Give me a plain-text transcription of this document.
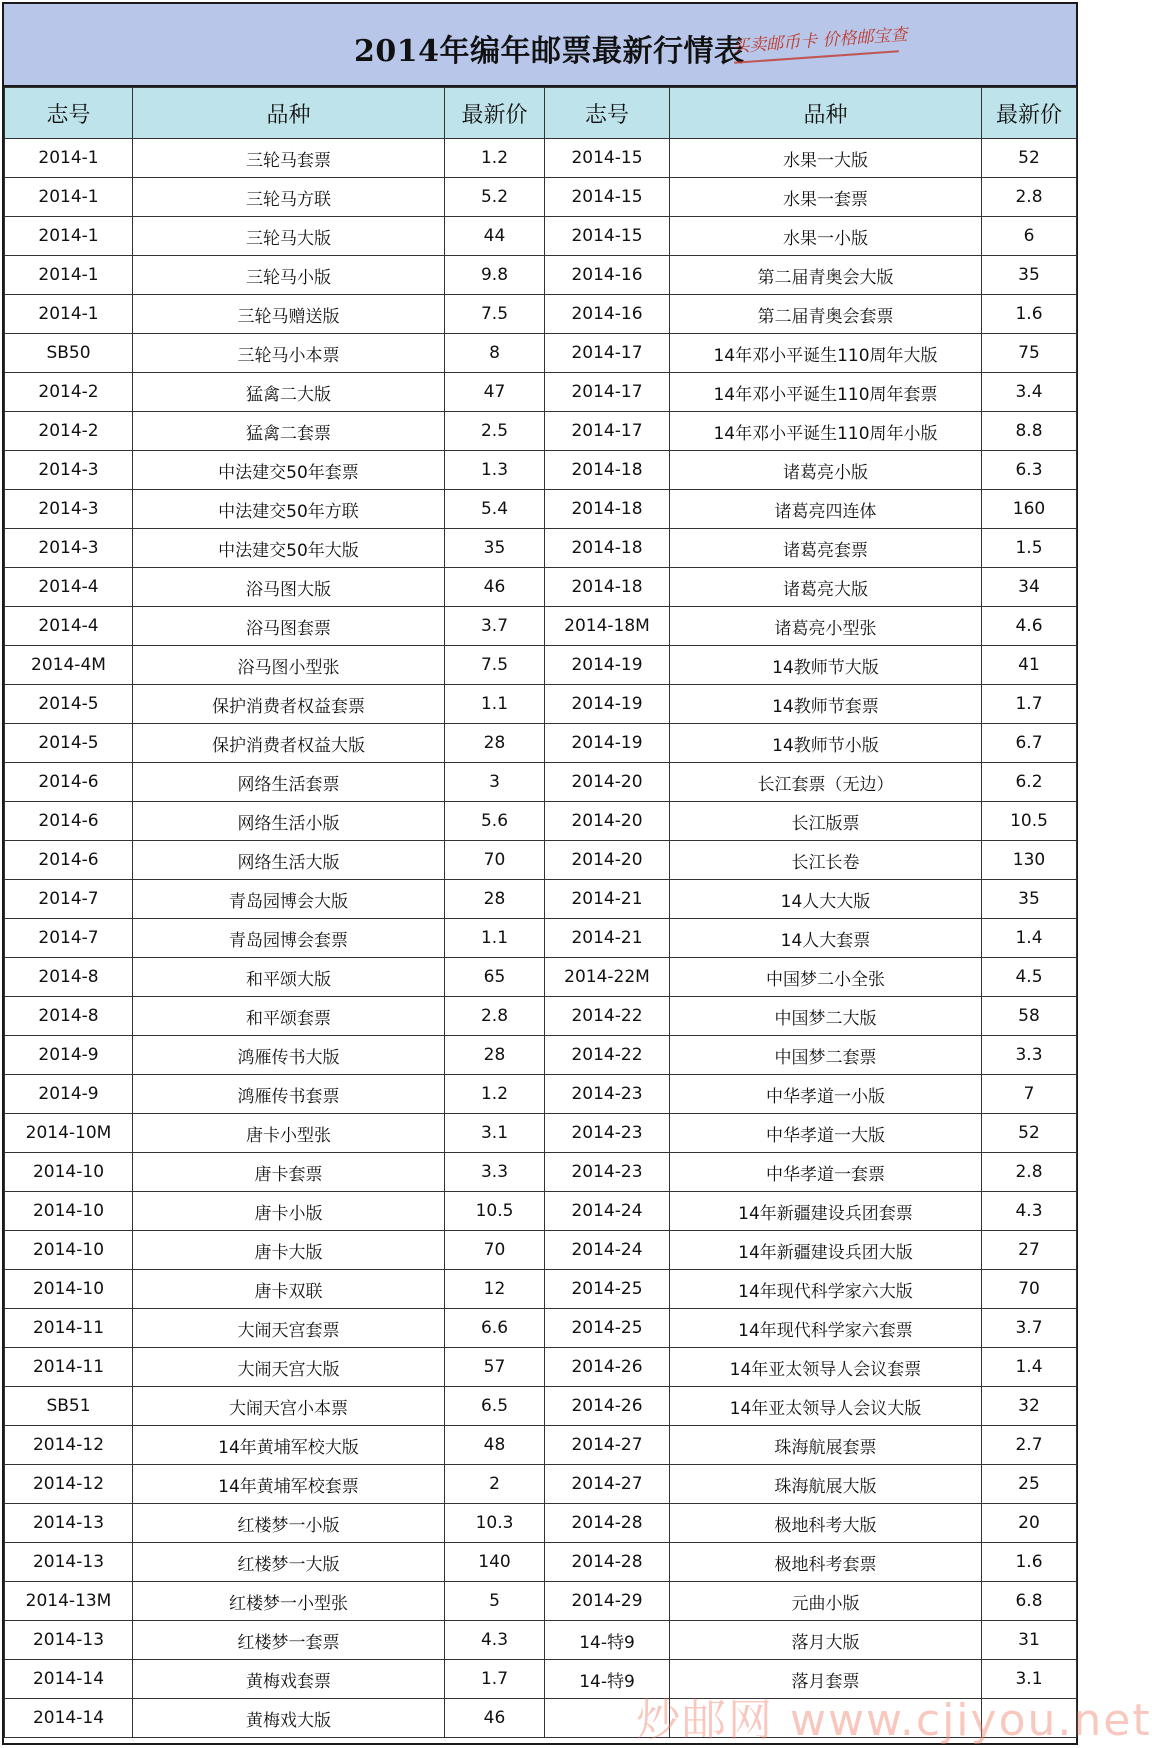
2014年编年邮票最新行情表
买卖邮币卡 价格邮宝查
志号	品种	最新价	志号	品种	最新价
2014-1	三轮马套票	1.2	2014-15	水果一大版	52
2014-1	三轮马方联	5.2	2014-15	水果一套票	2.8
2014-1	三轮马大版	44	2014-15	水果一小版	6
2014-1	三轮马小版	9.8	2014-16	第二届青奥会大版	35
2014-1	三轮马赠送版	7.5	2014-16	第二届青奥会套票	1.6
SB50	三轮马小本票	8	2014-17	14年邓小平诞生110周年大版	75
2014-2	猛禽二大版	47	2014-17	14年邓小平诞生110周年套票	3.4
2014-2	猛禽二套票	2.5	2014-17	14年邓小平诞生110周年小版	8.8
2014-3	中法建交50年套票	1.3	2014-18	诸葛亮小版	6.3
2014-3	中法建交50年方联	5.4	2014-18	诸葛亮四连体	160
2014-3	中法建交50年大版	35	2014-18	诸葛亮套票	1.5
2014-4	浴马图大版	46	2014-18	诸葛亮大版	34
2014-4	浴马图套票	3.7	2014-18M	诸葛亮小型张	4.6
2014-4M	浴马图小型张	7.5	2014-19	14教师节大版	41
2014-5	保护消费者权益套票	1.1	2014-19	14教师节套票	1.7
2014-5	保护消费者权益大版	28	2014-19	14教师节小版	6.7
2014-6	网络生活套票	3	2014-20	长江套票（无边）	6.2
2014-6	网络生活小版	5.6	2014-20	长江版票	10.5
2014-6	网络生活大版	70	2014-20	长江长卷	130
2014-7	青岛园博会大版	28	2014-21	14人大大版	35
2014-7	青岛园博会套票	1.1	2014-21	14人大套票	1.4
2014-8	和平颂大版	65	2014-22M	中国梦二小全张	4.5
2014-8	和平颂套票	2.8	2014-22	中国梦二大版	58
2014-9	鸿雁传书大版	28	2014-22	中国梦二套票	3.3
2014-9	鸿雁传书套票	1.2	2014-23	中华孝道一小版	7
2014-10M	唐卡小型张	3.1	2014-23	中华孝道一大版	52
2014-10	唐卡套票	3.3	2014-23	中华孝道一套票	2.8
2014-10	唐卡小版	10.5	2014-24	14年新疆建设兵团套票	4.3
2014-10	唐卡大版	70	2014-24	14年新疆建设兵团大版	27
2014-10	唐卡双联	12	2014-25	14年现代科学家六大版	70
2014-11	大闹天宫套票	6.6	2014-25	14年现代科学家六套票	3.7
2014-11	大闹天宫大版	57	2014-26	14年亚太领导人会议套票	1.4
SB51	大闹天宫小本票	6.5	2014-26	14年亚太领导人会议大版	32
2014-12	14年黄埔军校大版	48	2014-27	珠海航展套票	2.7
2014-12	14年黄埔军校套票	2	2014-27	珠海航展大版	25
2014-13	红楼梦一小版	10.3	2014-28	极地科考大版	20
2014-13	红楼梦一大版	140	2014-28	极地科考套票	1.6
2014-13M	红楼梦一小型张	5	2014-29	元曲小版	6.8
2014-13	红楼梦一套票	4.3	14-特9	落月大版	31
2014-14	黄梅戏套票	1.7	14-特9	落月套票	3.1
2014-14	黄梅戏大版	46				炒邮网 www.cjiyou.net
